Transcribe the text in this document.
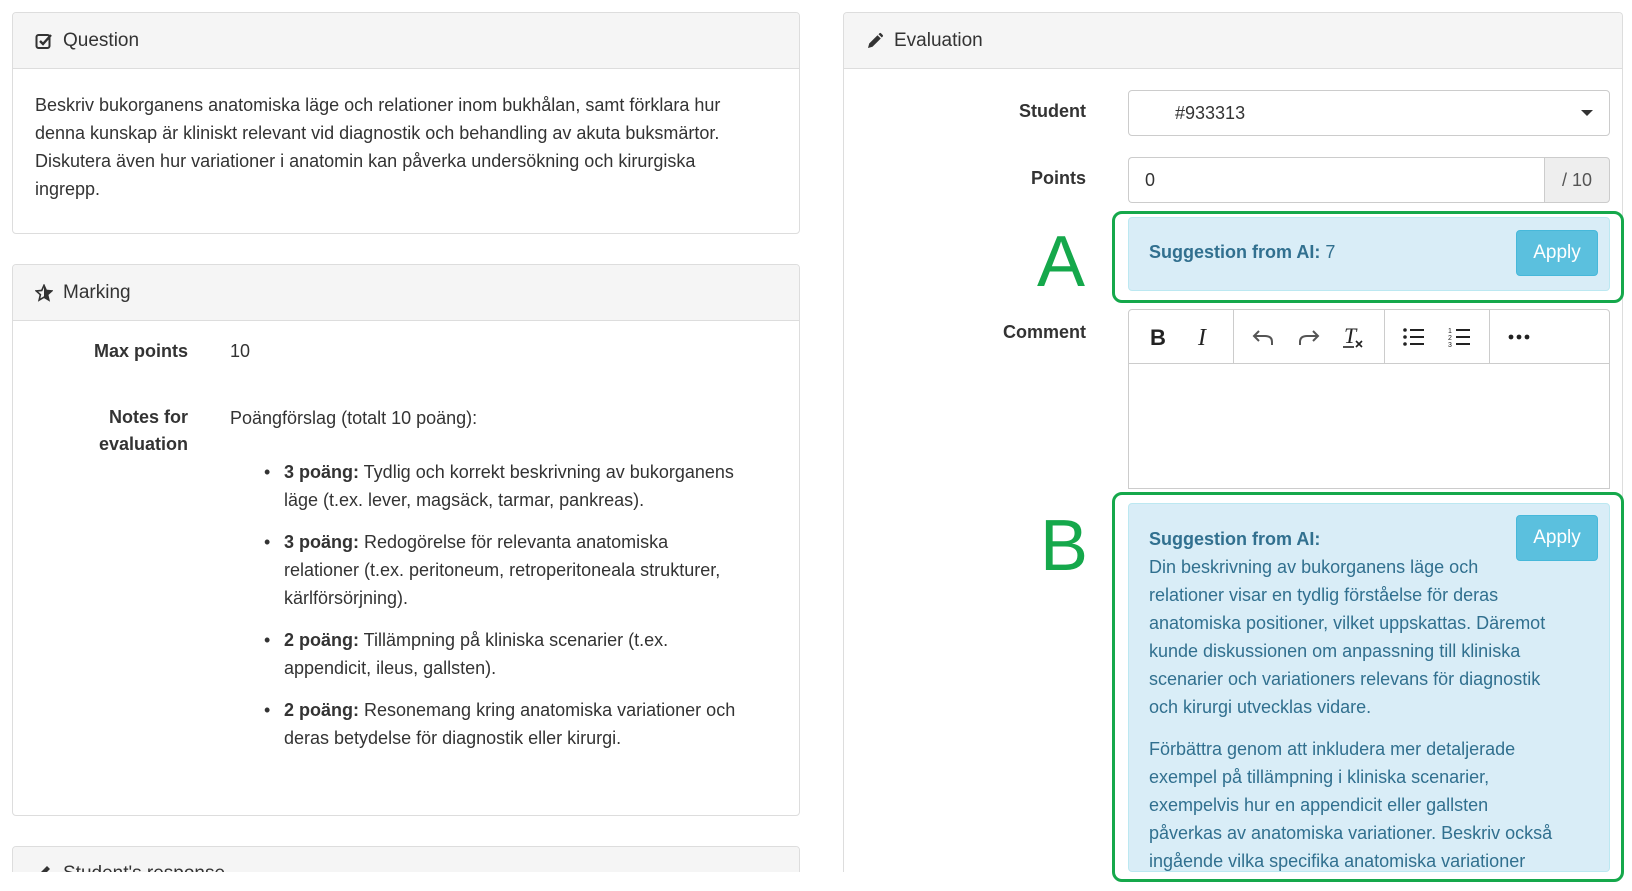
Question
Beskriv bukorganens anatomiska läge och relationer inom bukhålan, samt förklara hur
denna kunskap är kliniskt relevant vid diagnostik och behandling av akuta buksmärtor.
Diskutera även hur variationer i anatomin kan påverka undersökning och kirurgiska
ingrepp.
Marking
Max points 10
Notes for
evaluation
Poängförslag (totalt 10 poäng):
• 3 poäng: Tydlig och korrekt beskrivning av bukorganens
läge (t.ex. lever, magsäck, tarmar, pankreas).
• 3 poäng: Redogörelse för relevanta anatomiska
relationer (t.ex. peritoneum, retroperitoneala strukturer,
kärlförsörjning).
• 2 poäng: Tillämpning på kliniska scenarier (t.ex.
appendicit, ileus, gallsten).
• 2 poäng: Resonemang kring anatomiska variationer och
deras betydelse för diagnostik eller kirurgi.
Evaluation
Student	#933313
Points	0	/ 10
A	Suggestion from AI: 7	Apply
Comment	B I	T	1
2
3
B	Suggestion from AI:

Din beskrivning av bukorganens läge och

relationer visar en tydlig förståelse för deras

anatomiska positioner, vilket uppskattas. Däremot

kunde diskussionen om anpassning till kliniska

scenarier och variationers relevans för diagnostik

och kirurgi utvecklas vidare.

Förbättra genom att inkludera mer detaljerade

exempel på tillämpning i kliniska scenarier,

exempelvis hur en appendicit eller gallsten

påverkas av anatomiska variationer. Beskriv också

ingående vilka specifika anatomiska variationer

Apply
